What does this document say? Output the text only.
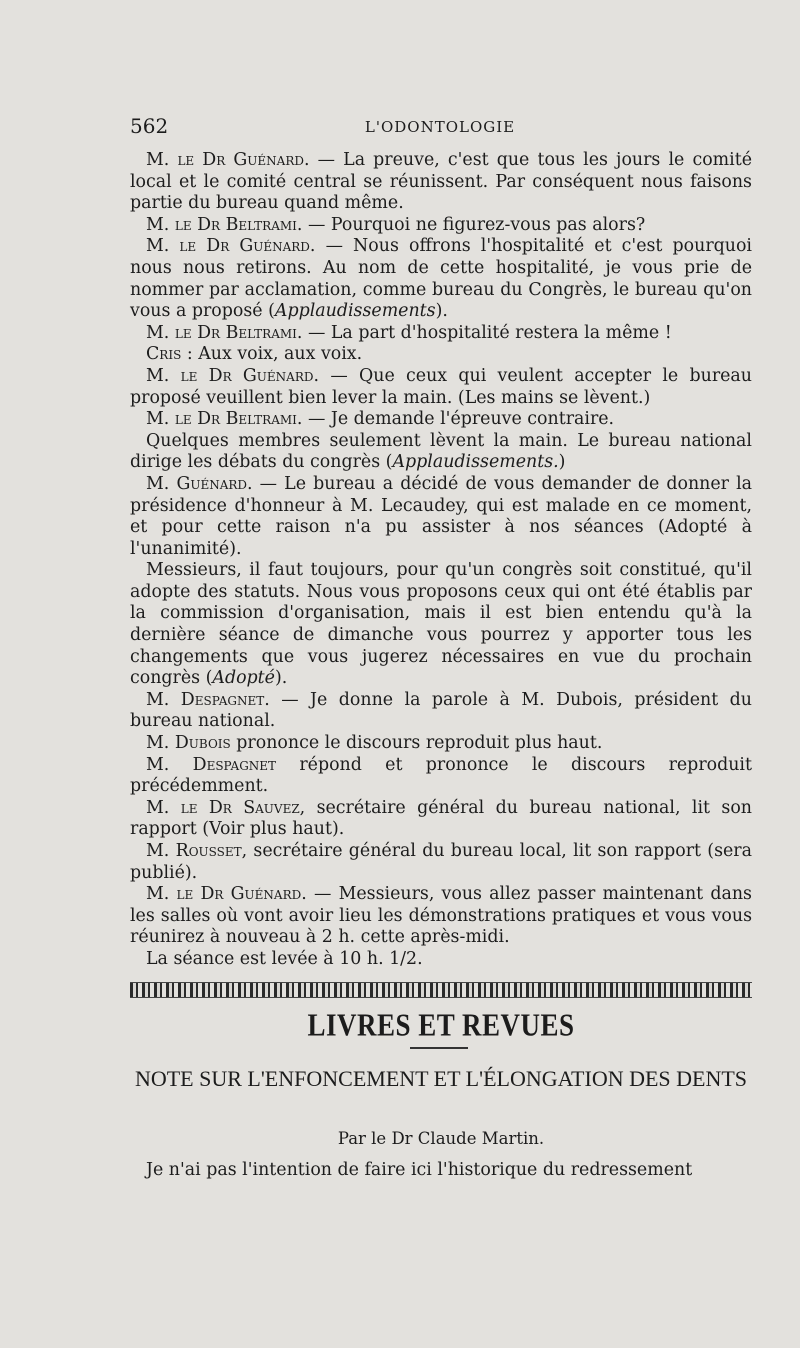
562	L'ODONTOLOGIE

M. le Dr Guénard. — La preuve, c'est que tous les jours le comité local et le comité central se réunissent. Par conséquent nous faisons partie du bureau quand même.

M. le Dr Beltrami. — Pourquoi ne figurez-vous pas alors?

M. le Dr Guénard. — Nous offrons l'hospitalité et c'est pourquoi nous nous retirons. Au nom de cette hospitalité, je vous prie de nommer par acclamation, comme bureau du Congrès, le bureau qu'on vous a proposé (Applaudissements).

M. le Dr Beltrami. — La part d'hospitalité restera la même !

Cris : Aux voix, aux voix.

M. le Dr Guénard. — Que ceux qui veulent accepter le bureau proposé veuillent bien lever la main. (Les mains se lèvent.)

M. le Dr Beltrami. — Je demande l'épreuve contraire.

Quelques membres seulement lèvent la main. Le bureau national dirige les débats du congrès (Applaudissements.)

M. Guénard. — Le bureau a décidé de vous demander de donner la présidence d'honneur à M. Lecaudey, qui est malade en ce moment, et pour cette raison n'a pu assister à nos séances (Adopté à l'unanimité).

Messieurs, il faut toujours, pour qu'un congrès soit constitué, qu'il adopte des statuts. Nous vous proposons ceux qui ont été établis par la commission d'organisation, mais il est bien entendu qu'à la dernière séance de dimanche vous pourrez y apporter tous les changements que vous jugerez nécessaires en vue du prochain congrès (Adopté).

M. Despagnet. — Je donne la parole à M. Dubois, président du bureau national.

M. Dubois prononce le discours reproduit plus haut.

M. Despagnet répond et prononce le discours reproduit précédemment.

M. le Dr Sauvez, secrétaire général du bureau national, lit son rapport (Voir plus haut).

M. Rousset, secrétaire général du bureau local, lit son rapport (sera publié).

M. le Dr Guénard. — Messieurs, vous allez passer maintenant dans les salles où vont avoir lieu les démonstrations pratiques et vous vous réunirez à nouveau à 2 h. cette après-midi.

La séance est levée à 10 h. 1/2.

LIVRES ET REVUES
NOTE SUR L'ENFONCEMENT ET L'ÉLONGATION DES DENTS
Par le Dr Claude Martin.
Je n'ai pas l'intention de faire ici l'historique du redressement
